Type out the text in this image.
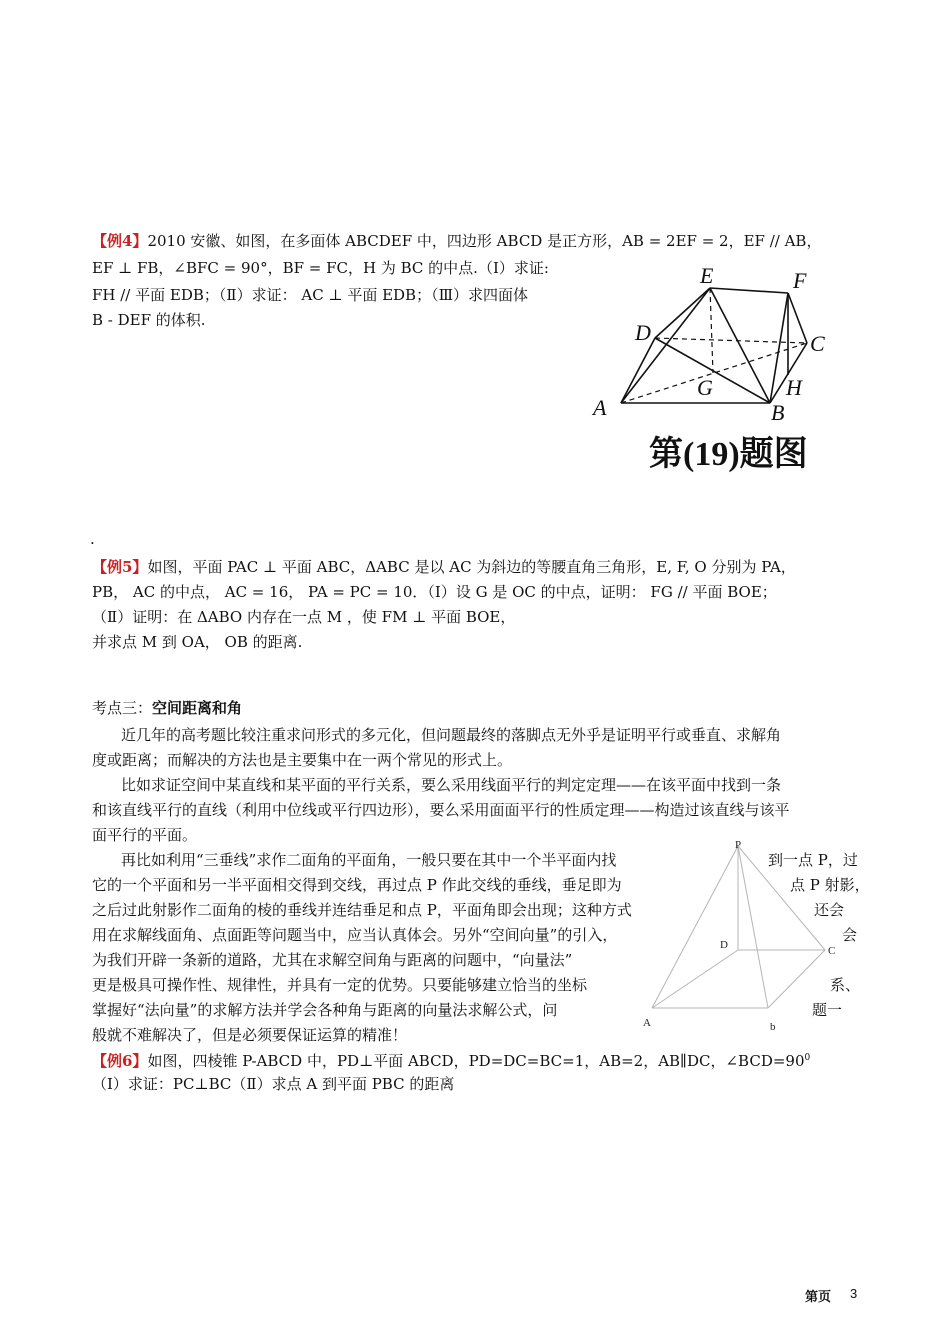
【例4】2010 安徽、如图，在多面体 ABCDEF 中，四边形 ABCD 是正方形，AB = 2EF = 2，EF // AB，
EF ⊥ FB，∠BFC = 90°，BF = FC，H 为 BC 的中点.（Ⅰ）求证:
FH // 平面 EDB；（Ⅱ）求证： AC ⊥ 平面 EDB；（Ⅲ）求四面体
B - DEF 的体积.
A	B
C
D
E	F
G	H
第(19)题图
.
【例5】如图，平面 PAC ⊥ 平面 ABC，ΔABC 是以 AC 为斜边的等腰直角三角形，E, F, O 分别为 PA，
PB， AC 的中点， AC = 16， PA = PC = 10．（Ⅰ）设 G 是 OC 的中点，证明： FG // 平面 BOE；
（Ⅱ）证明：在 ΔABO 内存在一点 M ，使 FM ⊥ 平面 BOE，
并求点 M 到 OA， OB 的距离.
考点三：空间距离和角
近几年的高考题比较注重求问形式的多元化，但问题最终的落脚点无外乎是证明平行或垂直、求解角
度或距离；而解决的方法也是主要集中在一两个常见的形式上。
比如求证空间中某直线和某平面的平行关系，要么采用线面平行的判定定理——在该平面中找到一条
和该直线平行的直线（利用中位线或平行四边形），要么采用面面平行的性质定理——构造过该直线与该平
面平行的平面。
再比如利用“三垂线”求作二面角的平面角，一般只要在其中一个半平面内找
它的一个平面和另一半平面相交得到交线，再过点 P 作此交线的垂线，垂足即为
之后过此射影作二面角的棱的垂线并连结垂足和点 P，平面角即会出现；这种方式
用在求解线面角、点面距等问题当中，应当认真体会。另外“空间向量”的引入，
为我们开辟一条新的道路，尤其在求解空间角与距离的问题中，“向量法”
更是极具可操作性、规律性，并具有一定的优势。只要能够建立恰当的坐标
掌握好“法向量”的求解方法并学会各种角与距离的向量法求解公式，问
般就不难解决了，但是必须要保证运算的精准！
到一点 P，过
点 P 射影，
还会
会
系、
题一
P
D	C
A	b
【例6】如图，四棱锥 P-ABCD 中，PD⊥平面 ABCD，PD=DC=BC=1，AB=2，AB∥DC，$\angle BCD=90^0$
（Ⅰ）求证：PC⊥BC（Ⅱ）求点 A 到平面 PBC 的距离
第页 3
